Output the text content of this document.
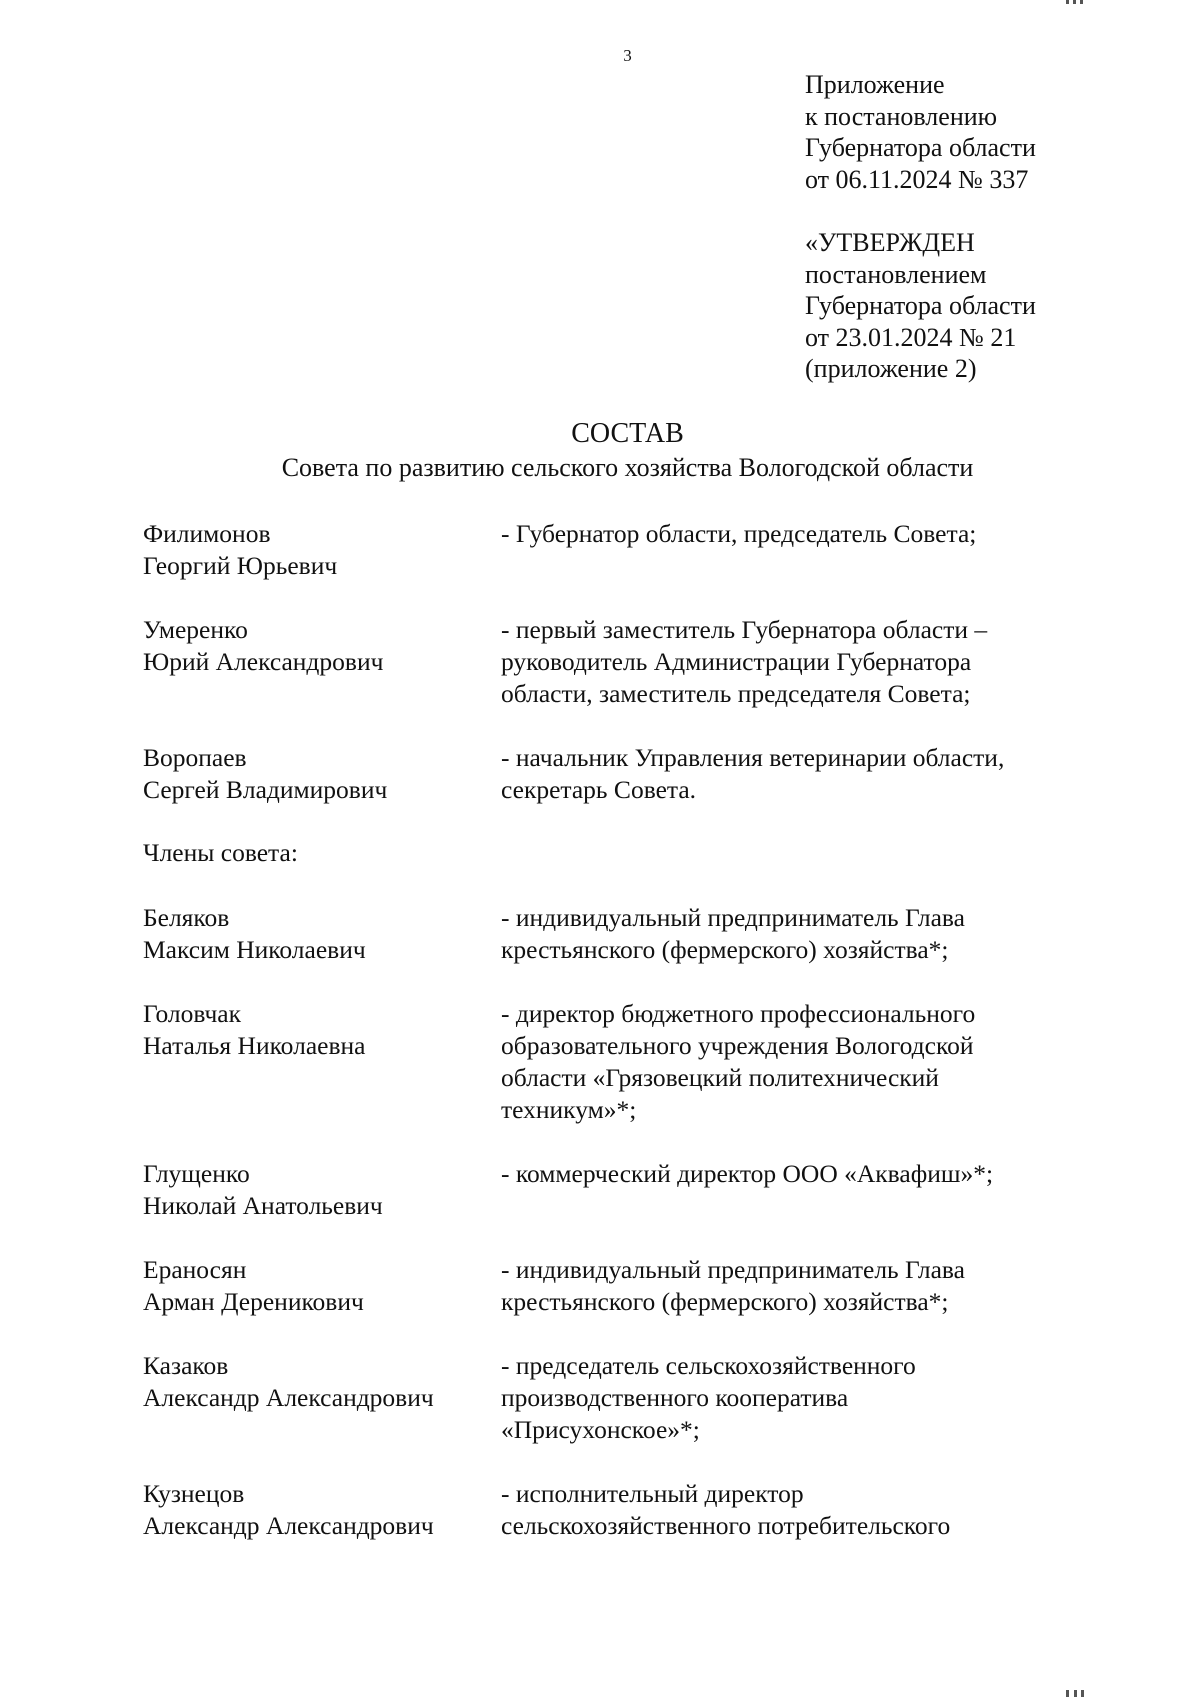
3
Приложение
к постановлению
Губернатора области
от 06.11.2024 № 337
«УТВЕРЖДЕН
постановлением
Губернатора области
от 23.01.2024 № 21
(приложение 2)
СОСТАВ
Совета по развитию сельского хозяйства Вологодской области
Филимонов
Георгий Юрьевич
- Губернатор области, председатель Совета;
Умеренко
Юрий Александрович
- первый заместитель Губернатора области –
руководитель Администрации Губернатора
области, заместитель председателя Совета;
Воропаев
Сергей Владимирович
- начальник Управления ветеринарии области,
секретарь Совета.
Члены совета:
Беляков
Максим Николаевич
- индивидуальный предприниматель Глава
крестьянского (фермерского) хозяйства*;
Головчак
Наталья Николаевна
- директор бюджетного профессионального
образовательного учреждения Вологодской
области «Грязовецкий политехнический
техникум»*;
Глущенко
Николай Анатольевич
- коммерческий директор ООО «Аквафиш»*;
Ераносян
Арман Дереникович
- индивидуальный предприниматель Глава
крестьянского (фермерского) хозяйства*;
Казаков
Александр Александрович
- председатель сельскохозяйственного
производственного кооператива
«Присухонское»*;
Кузнецов
Александр Александрович
- исполнительный директор
сельскохозяйственного потребительского
